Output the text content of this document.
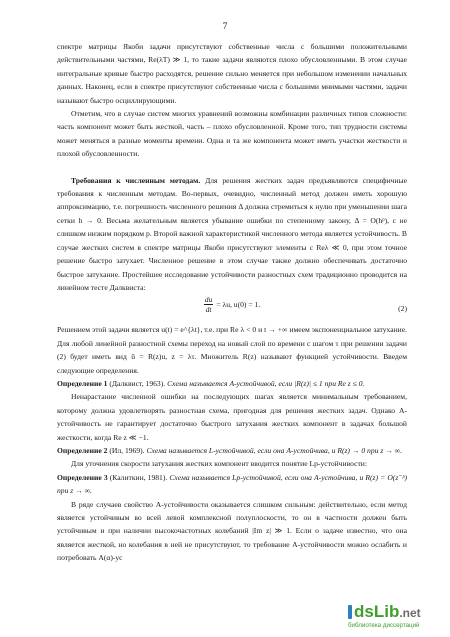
7

спектре матрицы Якоби задачи присутствуют собственные числа с большими положительными действительными частями, Re(λT) ≫ 1, то такие задачи являются плохо обусловленными. В этом случае интегральные кривые быстро расходятся, решение сильно меняется при небольшом изменении начальных данных. Наконец, если в спектре присутствуют собственные числа с большими мнимыми частями, задачи называют быстро осциллирующими.

Отметим, что в случае систем многих уравнений возможны комбинации различных типов сложности: часть компонент может быть жесткой, часть – плохо обусловленной. Кроме того, тип трудности системы может меняться в разные моменты времени. Одна и та же компонента может иметь участки жесткости и плохой обусловленности.

Требования к численным методам. Для решения жестких задач предъявляются специфичные требования к численным методам. Во-первых, очевидно, численный метод должен иметь хорошую аппроксимацию, т.е. погрешность численного решения Δ должна стремиться к нулю при уменьшении шага сетки h → 0. Весьма желательным является убывание ошибки по степенному закону, Δ = O(hᵖ), с не слишком низким порядком p. Второй важной характеристикой численного метода является устойчивость. В случае жестких систем в спектре матрицы Якоби присутствуют элементы с Reλ ≪ 0, при этом точное решение быстро затухает. Численное решение в этом случае также должно обеспечивать достаточно быстрое затухание. Простейшее исследование устойчивости разностных схем традиционно проводится на линейном тесте Далквиста:

$\frac{du}{dt} = \lambda u$, u(0) = 1.	(2)

Решением этой задачи является u(t) = e^{λt}, т.е. при Re λ < 0 и t → +∞ имеем экспоненциальное затухание. Для любой линейной разностной схемы переход на новый слой по времени с шагом τ при решении задачи (2) будет иметь вид û = R(z)u, z = λτ. Множитель R(z) называют функцией устойчивости. Введем следующие определения.

Определение 1 (Далквист, 1963). Схема называется A-устойчивой, если |R(z)| ≤ 1 при Re z ≤ 0.

Ненарастание численной ошибки на последующих шагах является минимальным требованием, которому должна удовлетворять разностная схема, пригодная для решения жестких задач. Однако A-устойчивость не гарантирует достаточно быстрого затухания жестких компонент в задачах большой жесткости, когда Re z ≪ −1.

Определение 2 (Ил, 1969). Схема называется L-устойчивой, если она A-устойчива, и R(z) → 0 при z → ∞.

Для уточнения скорости затухания жестких компонент вводится понятие Lp-устойчивости:

Определение 3 (Калиткин, 1981). Схема называется Lp-устойчивой, если она A-устойчива, и R(z) = O(z⁻ᵖ) при z → ∞.

В ряде случаев свойство A-устойчивости оказывается слишком сильным: действительно, если метод является устойчивым во всей левой комплексной полуплоскости, то он в частности должен быть устойчивым и при наличии высокочастотных колебаний |Im z| ≫ 1. Если о задаче известно, что она является жесткой, но колебания в ней не присутствуют, то требование A-устойчивости можно ослабить и потребовать A(α)-ус

dsLib.net
библиотека диссертаций
